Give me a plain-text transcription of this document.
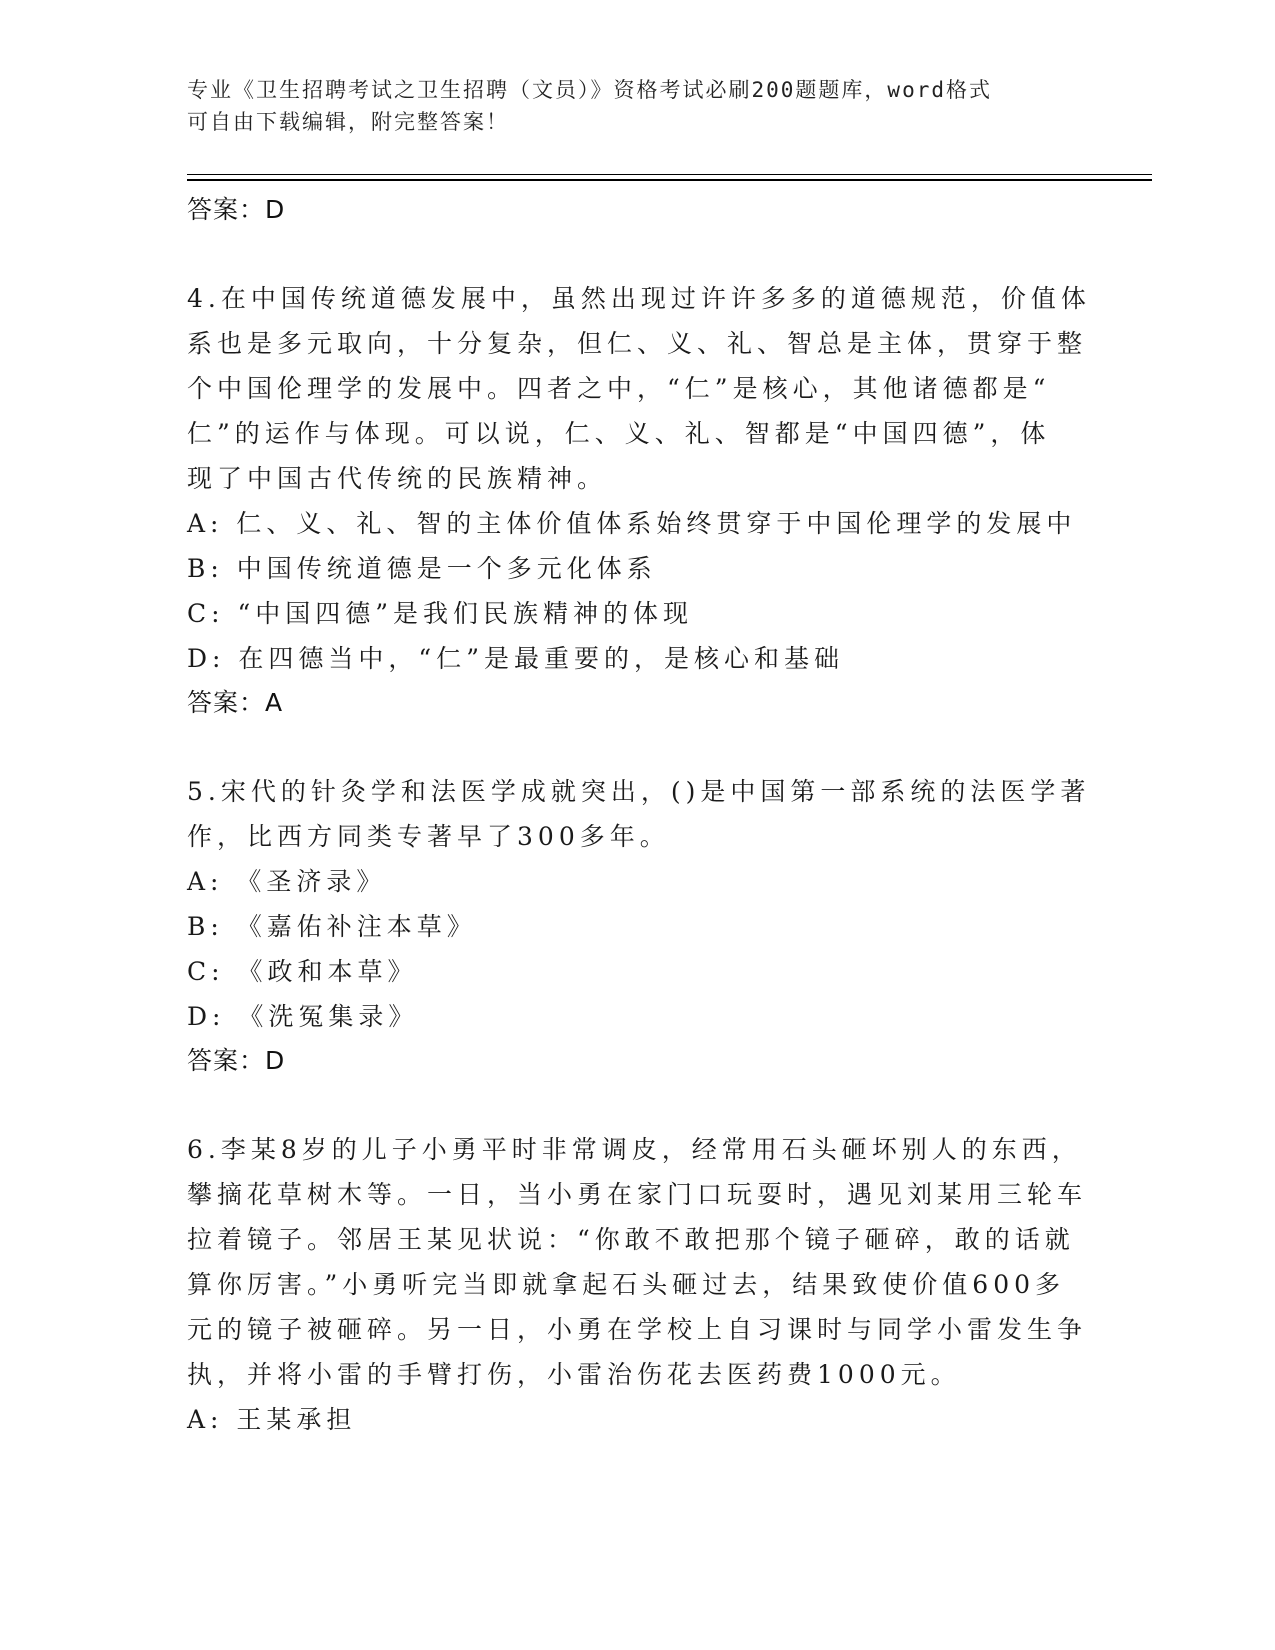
专业《卫生招聘考试之卫生招聘（文员）》资格考试必刷200题题库，word格式
可自由下载编辑，附完整答案！
答案：D
4.在中国传统道德发展中，虽然出现过许许多多的道德规范，价值体
系也是多元取向，十分复杂，但仁、义、礼、智总是主体，贯穿于整
个中国伦理学的发展中。四者之中，“仁”是核心，其他诸德都是“
仁”的运作与体现。可以说，仁、义、礼、智都是“中国四德”，体
现了中国古代传统的民族精神。
A: 仁、义、礼、智的主体价值体系始终贯穿于中国伦理学的发展中
B: 中国传统道德是一个多元化体系
C: “中国四德”是我们民族精神的体现
D: 在四德当中，“仁”是最重要的，是核心和基础
答案：A
5.宋代的针灸学和法医学成就突出，()是中国第一部系统的法医学著
作，比西方同类专著早了300多年。
A: 《圣济录》
B: 《嘉佑补注本草》
C: 《政和本草》
D: 《洗冤集录》
答案：D
6.李某8岁的儿子小勇平时非常调皮，经常用石头砸坏别人的东西，
攀摘花草树木等。一日，当小勇在家门口玩耍时，遇见刘某用三轮车
拉着镜子。邻居王某见状说：“你敢不敢把那个镜子砸碎，敢的话就
算你厉害。”小勇听完当即就拿起石头砸过去，结果致使价值600多
元的镜子被砸碎。另一日，小勇在学校上自习课时与同学小雷发生争
执，并将小雷的手臂打伤，小雷治伤花去医药费1000元。
A: 王某承担
